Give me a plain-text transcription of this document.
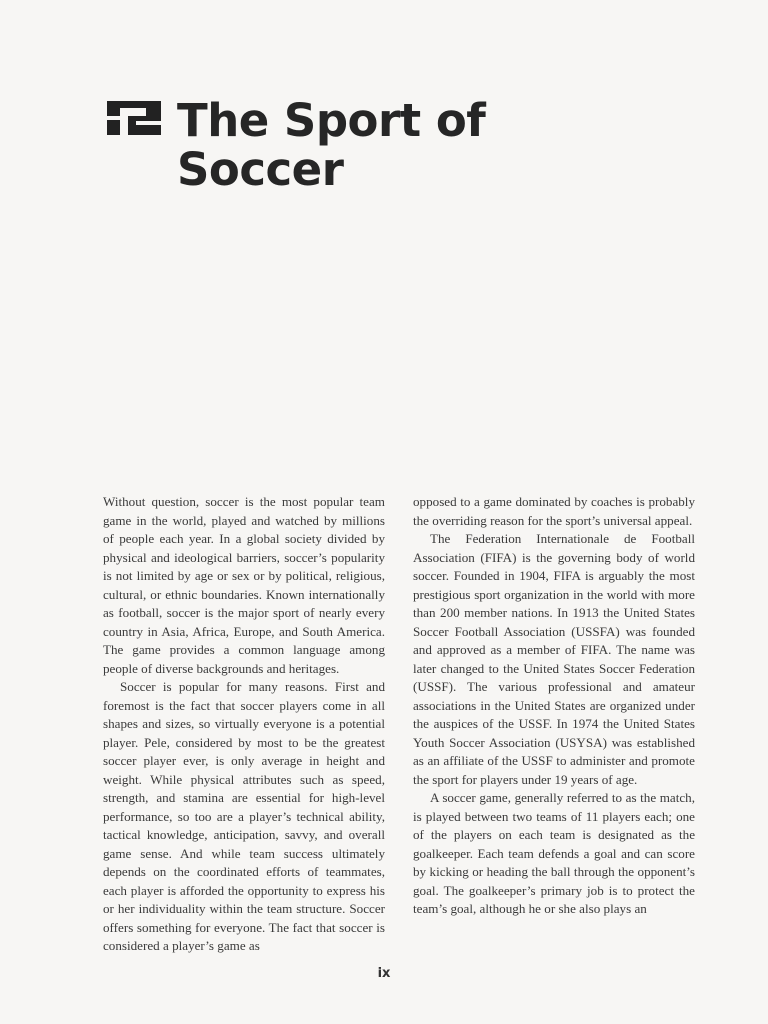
The Sport of
Soccer

Without question, soccer is the most popular team game in the world, played and watched by millions of people each year. In a global society divided by physical and ideological barriers, soccer’s popularity is not limited by age or sex or by political, religious, cultural, or ethnic boundaries. Known internationally as football, soccer is the major sport of nearly every country in Asia, Africa, Europe, and South America. The game provides a common language among people of diverse backgrounds and heritages.

Soccer is popular for many reasons. First and foremost is the fact that soccer players come in all shapes and sizes, so virtually everyone is a potential player. Pele, considered by most to be the greatest soccer player ever, is only average in height and weight. While physical attributes such as speed, strength, and stamina are essential for high-level performance, so too are a player’s technical ability, tactical knowledge, anticipation, savvy, and overall game sense. And while team success ultimately depends on the coordinated efforts of teammates, each player is afforded the opportunity to express his or her individuality within the team structure. Soccer offers something for everyone. The fact that soccer is considered a player’s game as

opposed to a game dominated by coaches is probably the overriding reason for the sport’s universal appeal.

The Federation Internationale de Football Association (FIFA) is the governing body of world soccer. Founded in 1904, FIFA is arguably the most prestigious sport organization in the world with more than 200 member nations. In 1913 the United States Soccer Football Association (USSFA) was founded and approved as a member of FIFA. The name was later changed to the United States Soccer Federation (USSF). The various professional and amateur associations in the United States are organized under the auspices of the USSF. In 1974 the United States Youth Soccer Association (USYSA) was established as an affiliate of the USSF to administer and promote the sport for players under 19 years of age.

A soccer game, generally referred to as the match, is played between two teams of 11 players each; one of the players on each team is designated as the goalkeeper. Each team defends a goal and can score by kicking or heading the ball through the opponent’s goal. The goalkeeper’s primary job is to protect the team’s goal, although he or she also plays an

ix
